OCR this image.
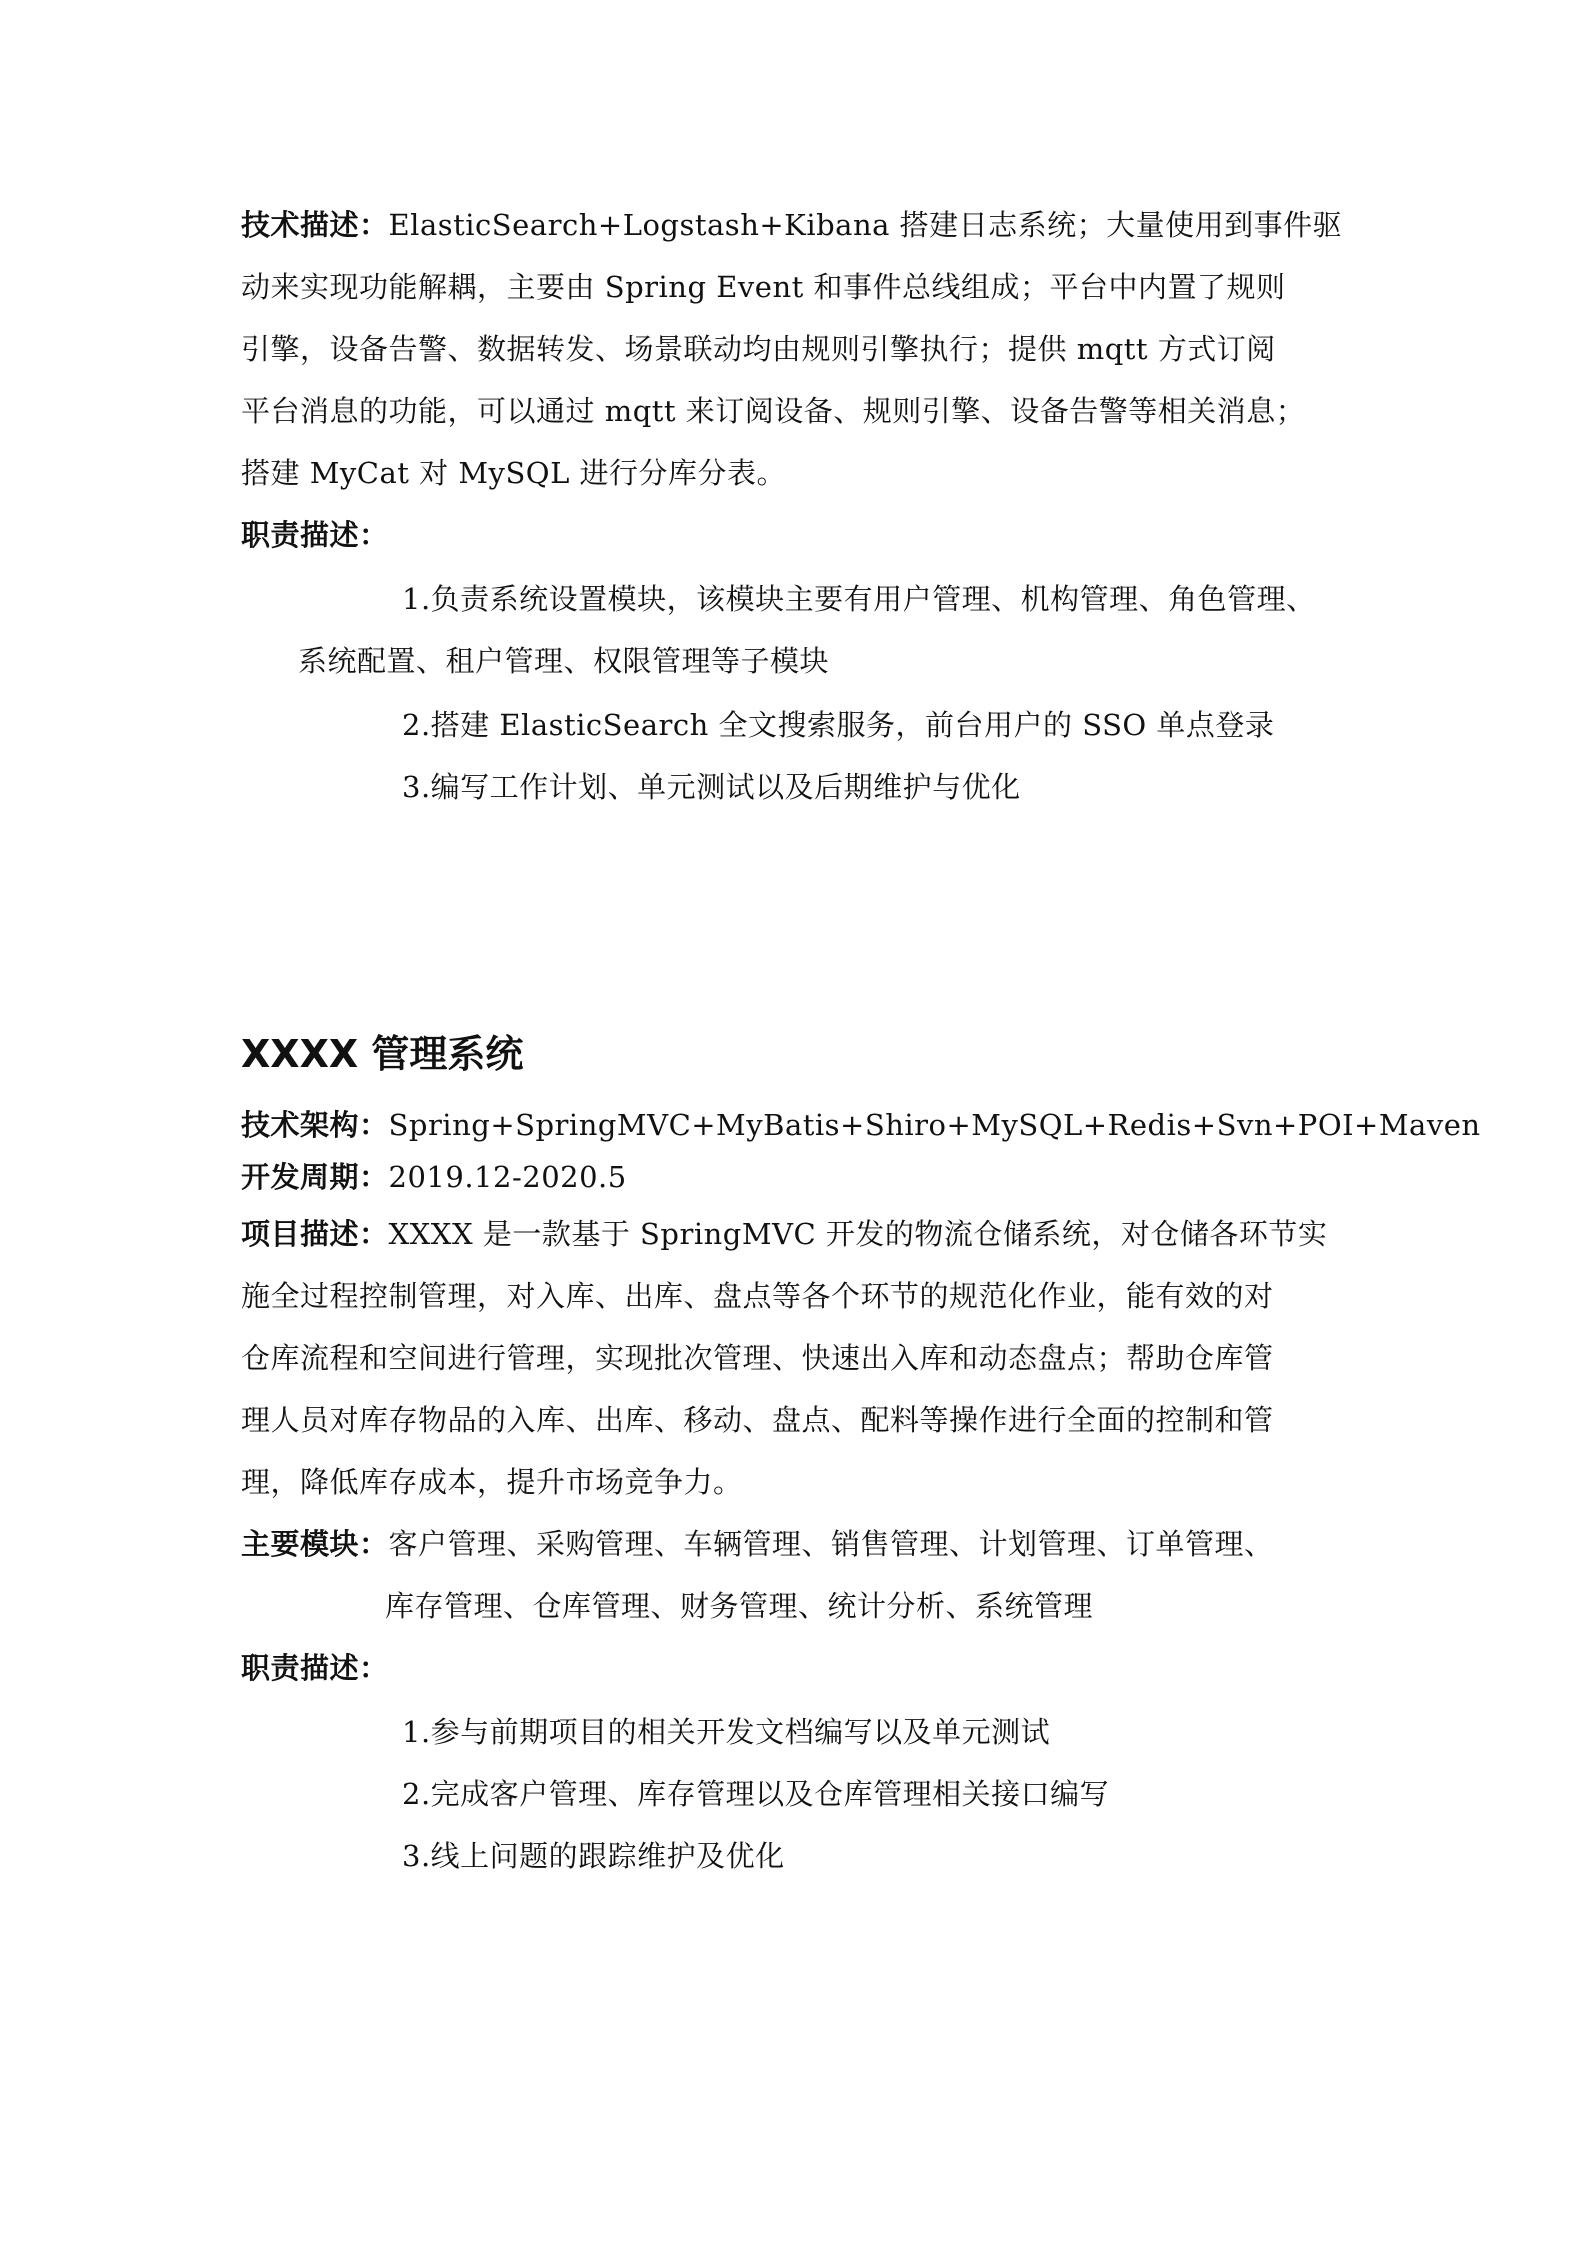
技术描述：ElasticSearch+Logstash+Kibana 搭建日志系统；大量使用到事件驱
动来实现功能解耦，主要由 Spring Event 和事件总线组成；平台中内置了规则
引擎，设备告警、数据转发、场景联动均由规则引擎执行；提供 mqtt 方式订阅
平台消息的功能，可以通过 mqtt 来订阅设备、规则引擎、设备告警等相关消息；
搭建 MyCat 对 MySQL 进行分库分表。
职责描述：
1.负责系统设置模块，该模块主要有用户管理、机构管理、角色管理、
系统配置、租户管理、权限管理等子模块
2.搭建 ElasticSearch 全文搜索服务，前台用户的 SSO 单点登录
3.编写工作计划、单元测试以及后期维护与优化
XXXX 管理系统
技术架构：Spring+SpringMVC+MyBatis+Shiro+MySQL+Redis+Svn+POI+Maven
开发周期：2019.12-2020.5
项目描述：XXXX 是一款基于 SpringMVC 开发的物流仓储系统，对仓储各环节实
施全过程控制管理，对入库、出库、盘点等各个环节的规范化作业，能有效的对
仓库流程和空间进行管理，实现批次管理、快速出入库和动态盘点；帮助仓库管
理人员对库存物品的入库、出库、移动、盘点、配料等操作进行全面的控制和管
理，降低库存成本，提升市场竞争力。
主要模块：客户管理、采购管理、车辆管理、销售管理、计划管理、订单管理、
库存管理、仓库管理、财务管理、统计分析、系统管理
职责描述：
1.参与前期项目的相关开发文档编写以及单元测试
2.完成客户管理、库存管理以及仓库管理相关接口编写
3.线上问题的跟踪维护及优化
